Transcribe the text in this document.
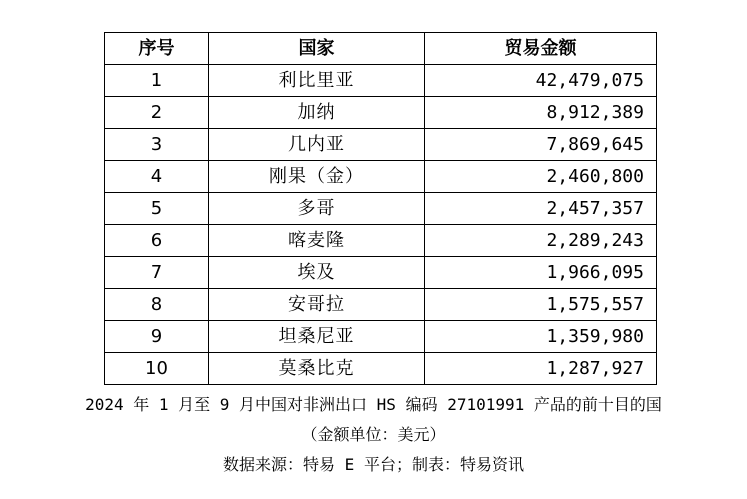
序号	国家	贸易金额
1	利比里亚	42,479,075
2	加纳	8,912,389
3	几内亚	7,869,645
4	刚果（金）	2,460,800
5	多哥	2,457,357
6	喀麦隆	2,289,243
7	埃及	1,966,095
8	安哥拉	1,575,557
9	坦桑尼亚	1,359,980
10	莫桑比克	1,287,927
2024 年 1 月至 9 月中国对非洲出口 HS 编码 27101991 产品的前十目的国
（金额单位：美元）
数据来源：特易 E 平台；制表：特易资讯
